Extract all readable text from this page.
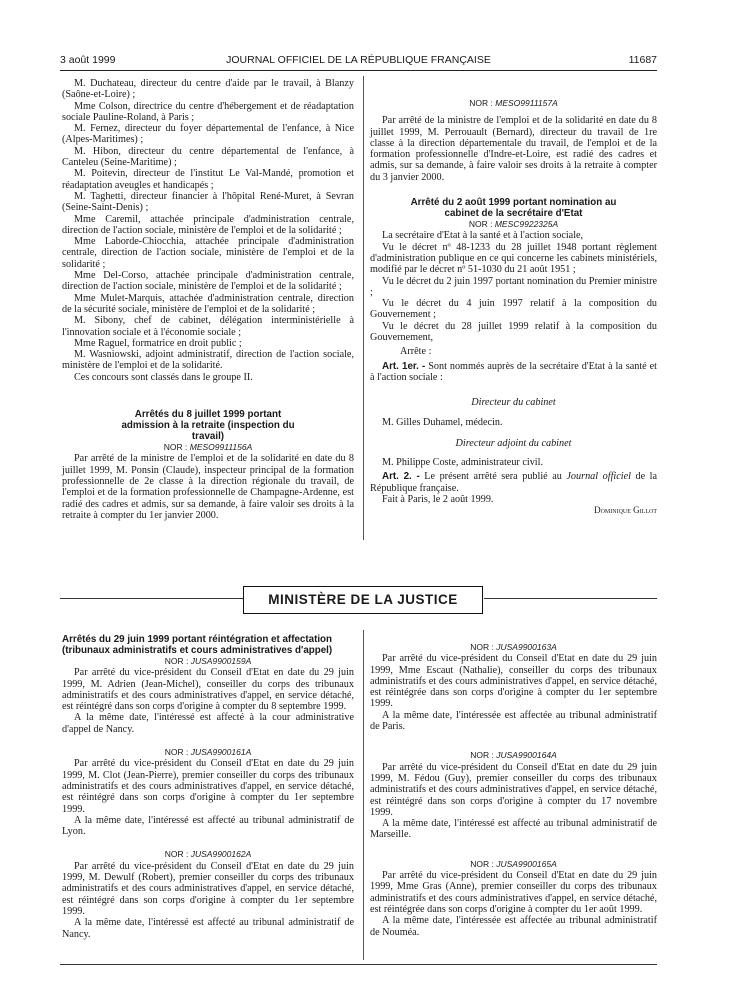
3 août 1999	JOURNAL OFFICIEL DE LA RÉPUBLIQUE FRANÇAISE	11687

M. Duchateau, directeur du centre d'aide par le travail, à Blanzy (Saône-et-Loire) ;

Mme Colson, directrice du centre d'hébergement et de réadaptation sociale Pauline-Roland, à Paris ;

M. Fernez, directeur du foyer départemental de l'enfance, à Nice (Alpes-Maritimes) ;

M. Hibon, directeur du centre départemental de l'enfance, à Canteleu (Seine-Maritime) ;

M. Poitevin, directeur de l'institut Le Val-Mandé, promotion et réadaptation aveugles et handicapés ;

M. Taghetti, directeur financier à l'hôpital René-Muret, à Sevran (Seine-Saint-Denis) ;

Mme Caremil, attachée principale d'administration centrale, direction de l'action sociale, ministère de l'emploi et de la solidarité ;

Mme Laborde-Chiocchia, attachée principale d'administration centrale, direction de l'action sociale, ministère de l'emploi et de la solidarité ;

Mme Del-Corso, attachée principale d'administration centrale, direction de l'action sociale, ministère de l'emploi et de la solidarité ;

Mme Mulet-Marquis, attachée d'administration centrale, direction de la sécurité sociale, ministère de l'emploi et de la solidarité ;

M. Sibony, chef de cabinet, délégation interministérielle à l'innovation sociale et à l'économie sociale ;

Mme Raguel, formatrice en droit public ;

M. Wasniowski, adjoint administratif, direction de l'action sociale, ministère de l'emploi et de la solidarité.

Ces concours sont classés dans le groupe II.

Arrêtés du 8 juillet 1999 portant admission à la retraite (inspection du travail)

NOR : MESO9911156A

Par arrêté de la ministre de l'emploi et de la solidarité en date du 8 juillet 1999, M. Ponsin (Claude), inspecteur principal de la formation professionnelle de 2e classe à la direction régionale du travail, de l'emploi et de la formation professionnelle de Champagne-Ardenne, est radié des cadres et admis, sur sa demande, à faire valoir ses droits à la retraite à compter du 1er janvier 2000.

NOR : MESO9911157A

Par arrêté de la ministre de l'emploi et de la solidarité en date du 8 juillet 1999, M. Perrouault (Bernard), directeur du travail de 1re classe à la direction départementale du travail, de l'emploi et de la formation professionnelle d'Indre-et-Loire, est radié des cadres et admis, sur sa demande, à faire valoir ses droits à la retraite à compter du 3 janvier 2000.

Arrêté du 2 août 1999 portant nomination au cabinet de la secrétaire d'Etat

NOR : MESC9922325A

La secrétaire d'Etat à la santé et à l'action sociale,

Vu le décret nº 48-1233 du 28 juillet 1948 portant règlement d'administration publique en ce qui concerne les cabinets ministériels, modifié par le décret nº 51-1030 du 21 août 1951 ;

Vu le décret du 2 juin 1997 portant nomination du Premier ministre ;

Vu le décret du 4 juin 1997 relatif à la composition du Gouvernement ;

Vu le décret du 28 juillet 1999 relatif à la composition du Gouvernement,

Arrête :

Art. 1er. - Sont nommés auprès de la secrétaire d'Etat à la santé et à l'action sociale :

Directeur du cabinet

M. Gilles Duhamel, médecin.

Directeur adjoint du cabinet

M. Philippe Coste, administrateur civil.

Art. 2. - Le présent arrêté sera publié au Journal officiel de la République française.

Fait à Paris, le 2 août 1999.

Dominique Gillot

MINISTÈRE DE LA JUSTICE

Arrêtés du 29 juin 1999 portant réintégration et affectation (tribunaux administratifs et cours administratives d'appel)

NOR : JUSA9900159A

Par arrêté du vice-président du Conseil d'Etat en date du 29 juin 1999, M. Adrien (Jean-Michel), conseiller du corps des tribunaux administratifs et des cours administratives d'appel, en service détaché, est réintégré dans son corps d'origine à compter du 8 septembre 1999.

A la même date, l'intéressé est affecté à la cour administrative d'appel de Nancy.

NOR : JUSA9900161A

Par arrêté du vice-président du Conseil d'Etat en date du 29 juin 1999, M. Clot (Jean-Pierre), premier conseiller du corps des tribunaux administratifs et des cours administratives d'appel, en service détaché, est réintégré dans son corps d'origine à compter du 1er septembre 1999.

A la même date, l'intéressé est affecté au tribunal administratif de Lyon.

NOR : JUSA9900162A

Par arrêté du vice-président du Conseil d'Etat en date du 29 juin 1999, M. Dewulf (Robert), premier conseiller du corps des tribunaux administratifs et des cours administratives d'appel, en service détaché, est réintégré dans son corps d'origine à compter du 1er septembre 1999.

A la même date, l'intéressé est affecté au tribunal administratif de Nancy.

NOR : JUSA9900163A

Par arrêté du vice-président du Conseil d'Etat en date du 29 juin 1999, Mme Escaut (Nathalie), conseiller du corps des tribunaux administratifs et des cours administratives d'appel, en service détaché, est réintégrée dans son corps d'origine à compter du 1er septembre 1999.

A la même date, l'intéressée est affectée au tribunal administratif de Paris.

NOR : JUSA9900164A

Par arrêté du vice-président du Conseil d'Etat en date du 29 juin 1999, M. Fédou (Guy), premier conseiller du corps des tribunaux administratifs et des cours administratives d'appel, en service détaché, est réintégré dans son corps d'origine à compter du 17 novembre 1999.

A la même date, l'intéressé est affecté au tribunal administratif de Marseille.

NOR : JUSA9900165A

Par arrêté du vice-président du Conseil d'Etat en date du 29 juin 1999, Mme Gras (Anne), premier conseiller du corps des tribunaux administratifs et des cours administratives d'appel, en service détaché, est réintégrée dans son corps d'origine à compter du 1er août 1999.

A la même date, l'intéressée est affectée au tribunal administratif de Nouméa.
